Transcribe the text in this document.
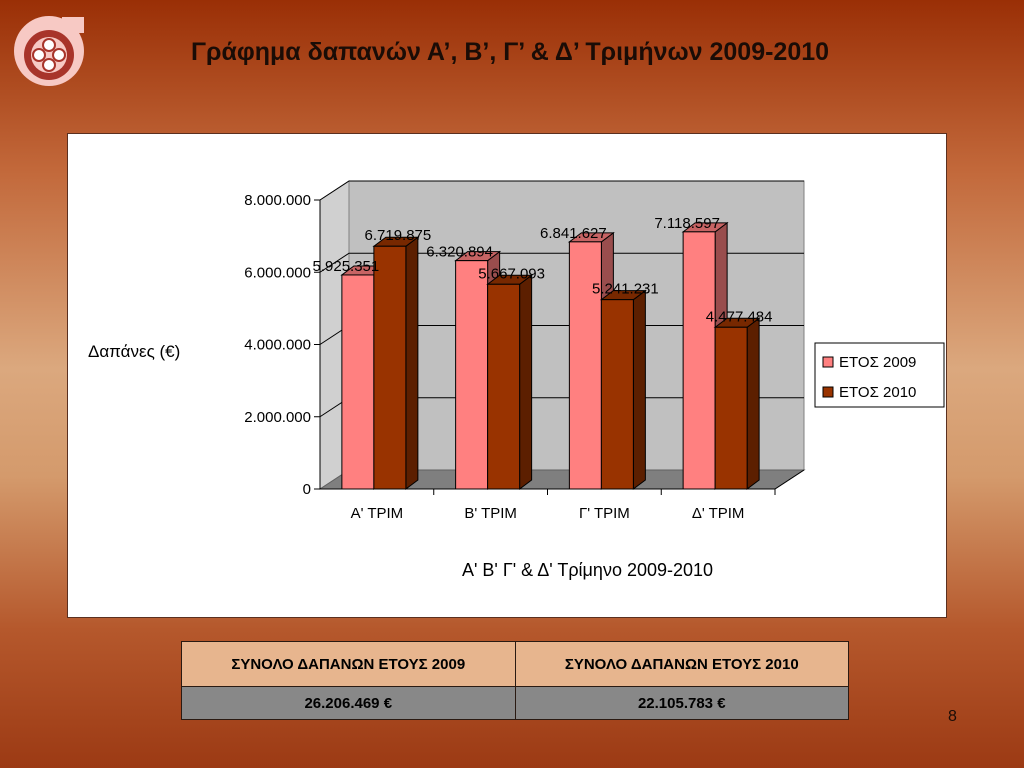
Γράφημα δαπανών Α’, Β’, Γ’ & Δ’ Τριμήνων 2009-2010
0
2.000.000
4.000.000
6.000.000
8.000.000
Α' ΤΡΙΜ	Β' ΤΡΙΜ	Γ' ΤΡΙΜ	Δ' ΤΡΙΜ
5.925.351
6.719.875
6.320.894
5.667.093
6.841.627
5.241.231
7.118.597
4.477.484
Δαπάνες (€)
Α' Β' Γ' & Δ' Τρίμηνο 2009-2010
ΕΤΟΣ 2009
ΕΤΟΣ 2010
ΣΥΝΟΛΟ ΔΑΠΑΝΩΝ ΕΤΟΥΣ 2009	ΣΥΝΟΛΟ ΔΑΠΑΝΩΝ ΕΤΟΥΣ 2010
26.206.469 €	22.105.783 €
8
